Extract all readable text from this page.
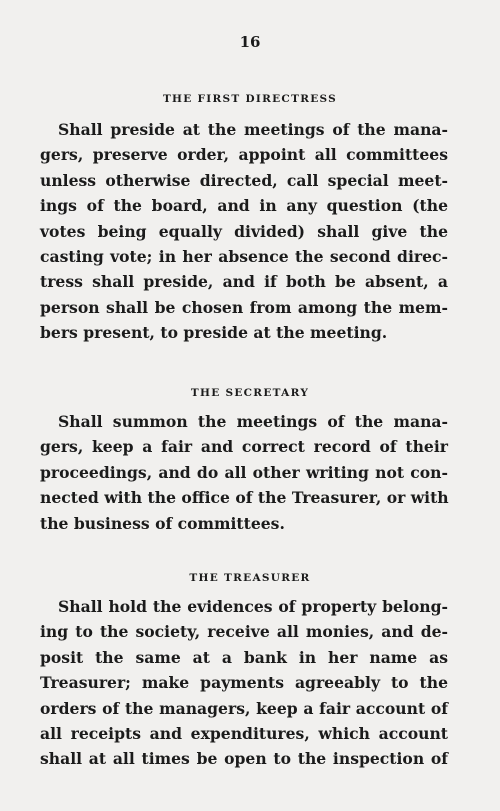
16
THE FIRST DIRECTRESS
Shall preside at the meetings of the mana-
gers, preserve order, appoint all committees
unless otherwise directed, call special meet-
ings of the board, and in any question (the
votes being equally divided) shall give the
casting vote; in her absence the second direc-
tress shall preside, and if both be absent, a
person shall be chosen from among the mem-
bers present, to preside at the meeting.
THE SECRETARY
Shall summon the meetings of the mana-
gers, keep a fair and correct record of their
proceedings, and do all other writing not con-
nected with the office of the Treasurer, or with
the business of committees.
THE TREASURER
Shall hold the evidences of property belong-
ing to the society, receive all monies, and de-
posit the same at a bank in her name as
Treasurer; make payments agreeably to the
orders of the managers, keep a fair account of
all receipts and expenditures, which account
shall at all times be open to the inspection of
